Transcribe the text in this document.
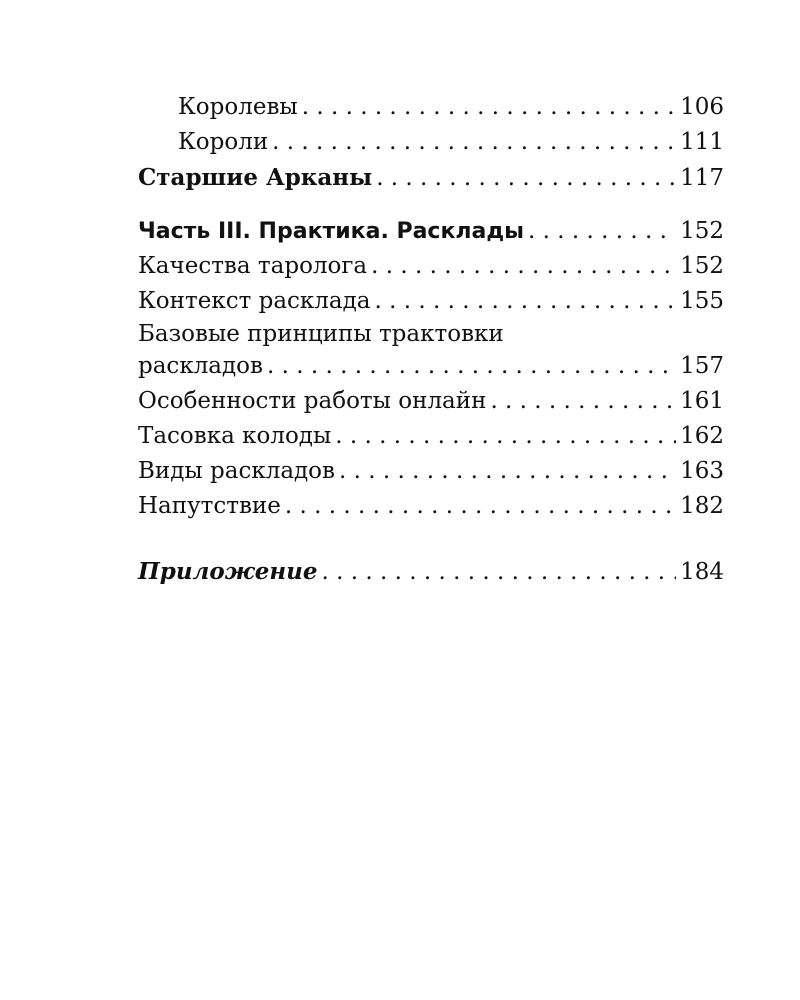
Королевы . . .	106
Короли . . .	111
Старшие Арканы . . .	117
Часть III. Практика. Расклады . . .	152
Качества таролога . . .	152
Контекст расклада . . .	155
Базовые принципы трактовки
раскладов . . .	157
Особенности работы онлайн . . .	161
Тасовка колоды . . .	162
Виды раскладов . . .	163
Напутствие . . .	182
Приложение . . .	184
